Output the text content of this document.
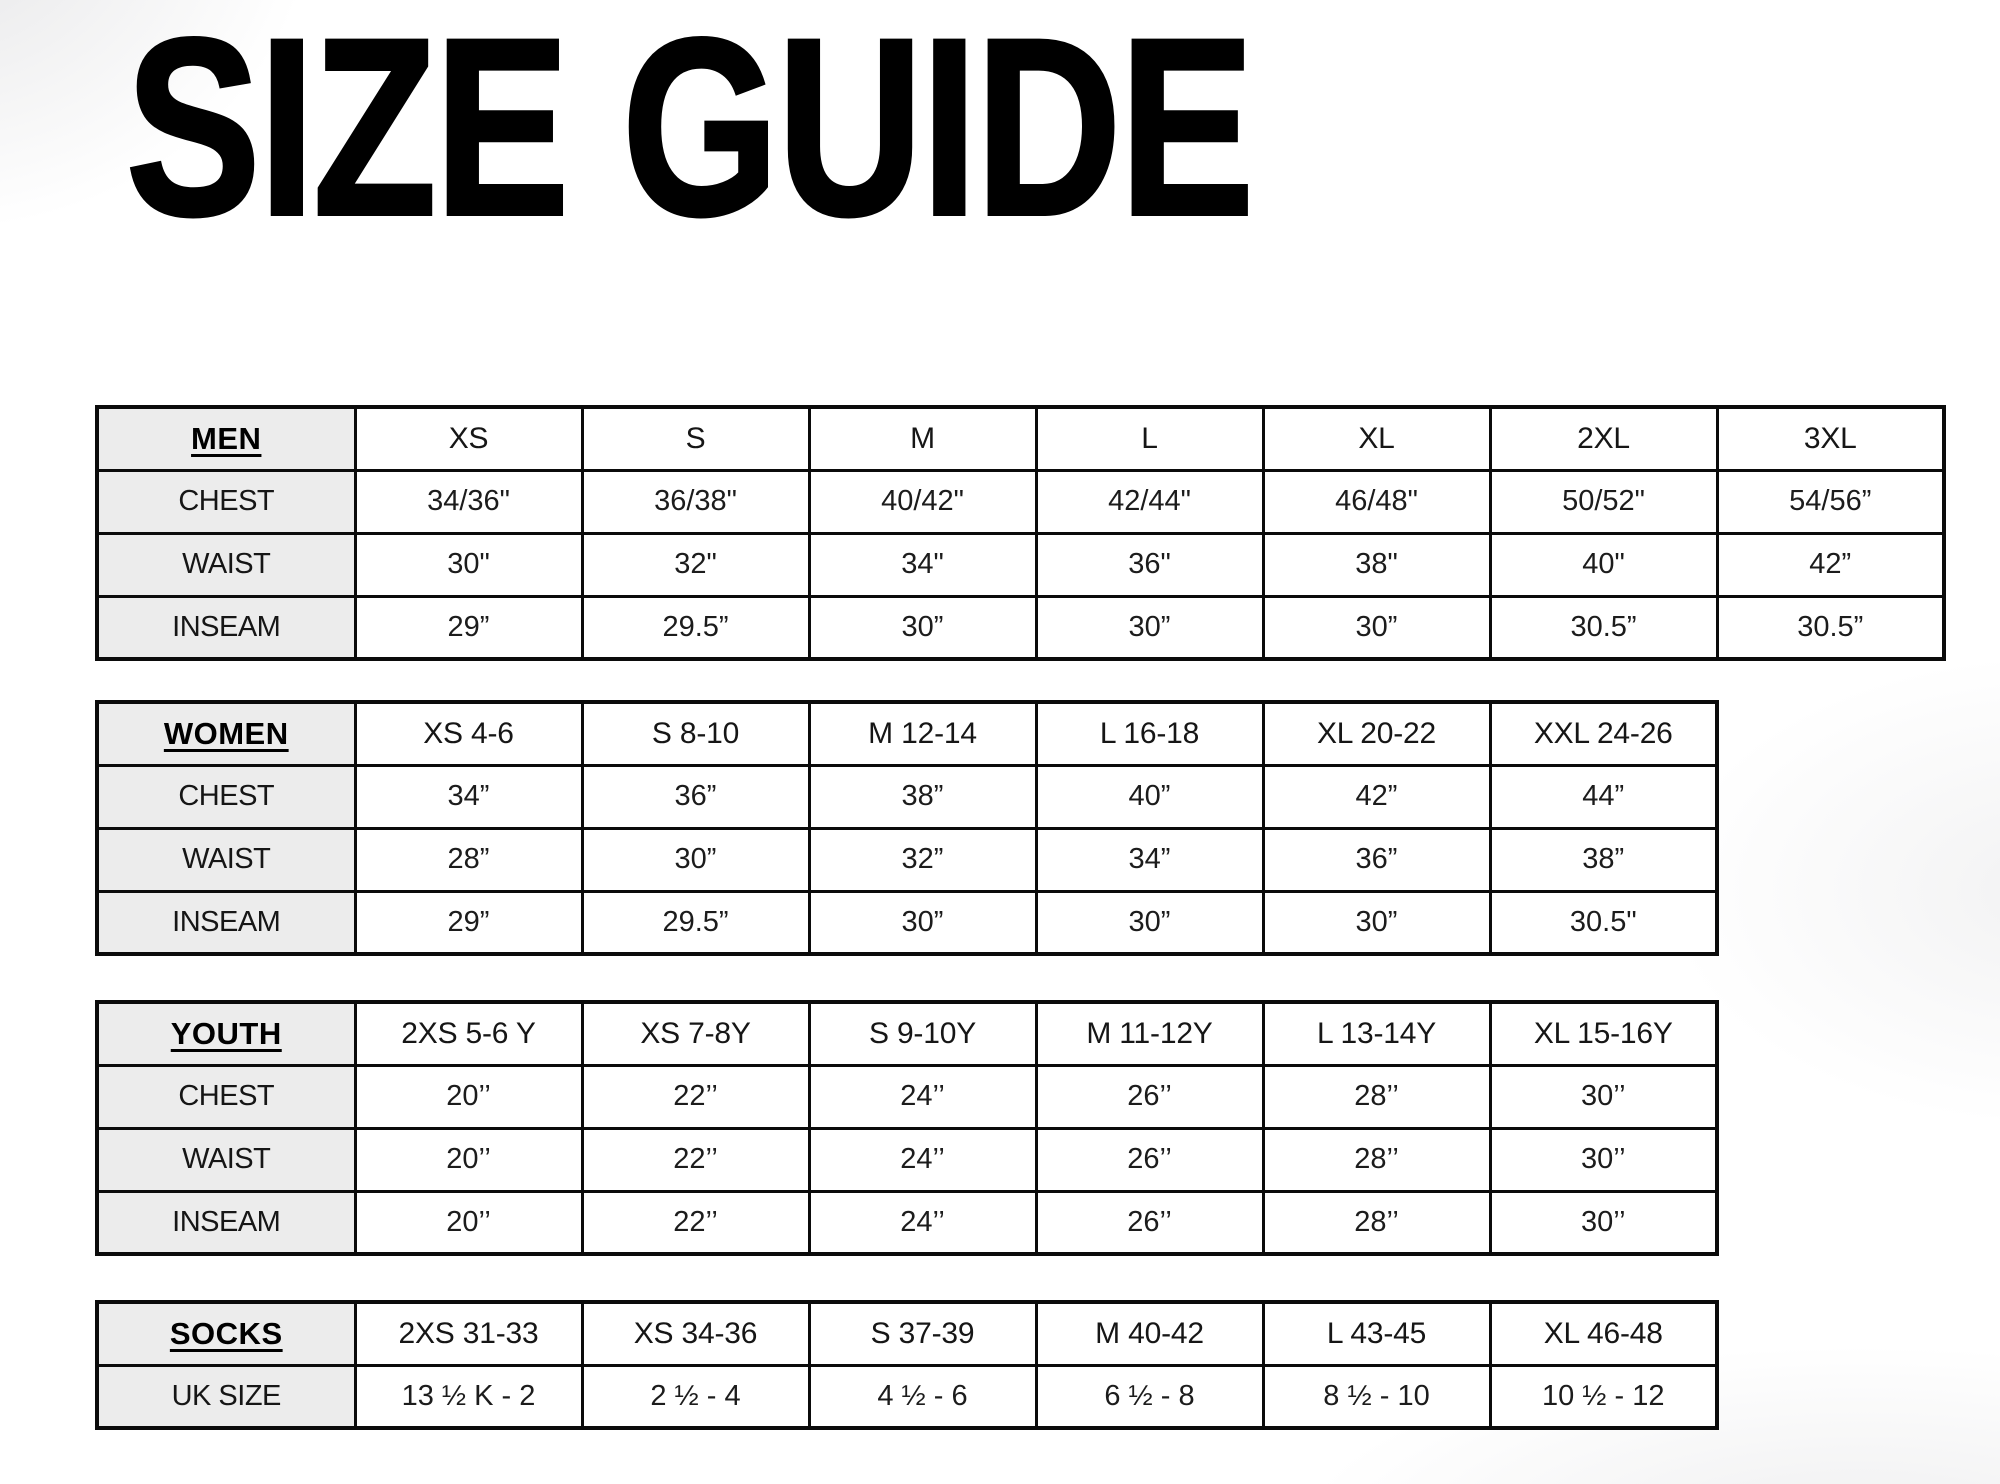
SIZE GUIDE
MEN	XS	S	M	L	XL	2XL	3XL
CHEST	34/36"	36/38"	40/42"	42/44"	46/48"	50/52"	54/56”
WAIST	30"	32"	34"	36"	38"	40"	42”
INSEAM	29”	29.5”	30”	30”	30”	30.5”	30.5”
WOMEN	XS 4-6	S 8-10	M 12-14	L 16-18	XL 20-22	XXL 24-26
CHEST	34”	36”	38”	40”	42”	44”
WAIST	28”	30”	32”	34”	36”	38”
INSEAM	29”	29.5”	30”	30”	30”	30.5"
YOUTH	2XS 5-6 Y	XS 7-8Y	S 9-10Y	M 11-12Y	L 13-14Y	XL 15-16Y
CHEST	20’’	22’’	24’’	26’’	28’’	30’’
WAIST	20’’	22’’	24’’	26’’	28’’	30’’
INSEAM	20’’	22’’	24’’	26’’	28’’	30’’
SOCKS	2XS 31-33	XS 34-36	S 37-39	M 40-42	L 43-45	XL 46-48
UK SIZE	13 ½ K - 2	2 ½ - 4	4 ½ - 6	6 ½ - 8	8 ½ - 10	10 ½ - 12
